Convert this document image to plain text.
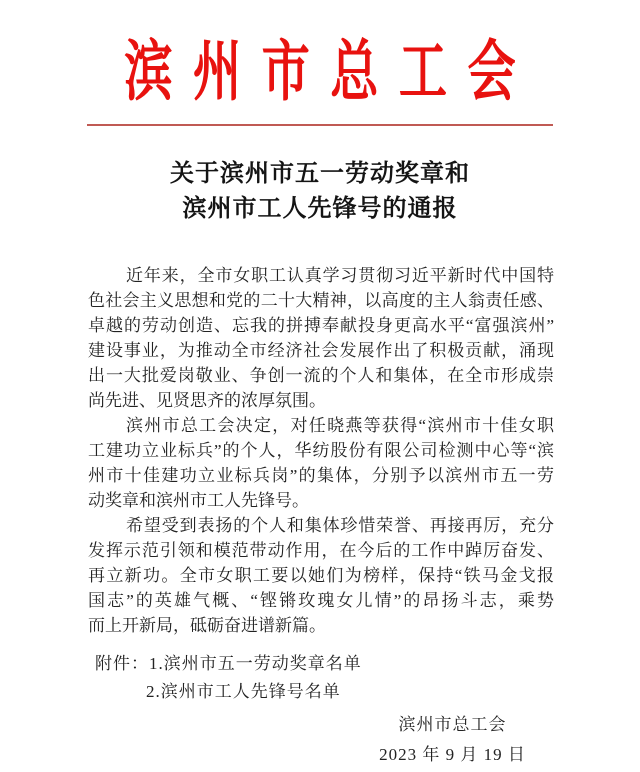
滨州市总工会
关于滨州市五一劳动奖章和
滨州市工人先锋号的通报
近年来，全市女职工认真学习贯彻习近平新时代中国特
色社会主义思想和党的二十大精神，以高度的主人翁责任感、
卓越的劳动创造、忘我的拼搏奉献投身更高水平“富强滨州”
建设事业，为推动全市经济社会发展作出了积极贡献，涌现
出一大批爱岗敬业、争创一流的个人和集体，在全市形成崇
尚先进、见贤思齐的浓厚氛围。
滨州市总工会决定，对任晓燕等获得“滨州市十佳女职
工建功立业标兵”的个人，华纺股份有限公司检测中心等“滨
州市十佳建功立业标兵岗”的集体，分别予以滨州市五一劳
动奖章和滨州市工人先锋号。
希望受到表扬的个人和集体珍惜荣誉、再接再厉，充分
发挥示范引领和模范带动作用，在今后的工作中踔厉奋发、
再立新功。全市女职工要以她们为榜样，保持“铁马金戈报
国志”的英雄气概、“铿锵玫瑰女儿情”的昂扬斗志，乘势
而上开新局，砥砺奋进谱新篇。
附件：1.滨州市五一劳动奖章名单
2.滨州市工人先锋号名单
滨州市总工会
2023 年 9 月 19 日
